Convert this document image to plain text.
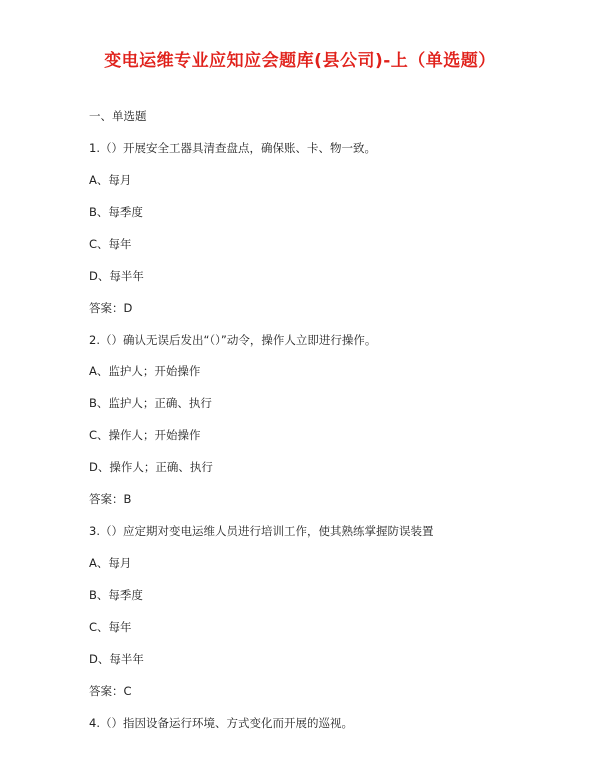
变电运维专业应知应会题库(县公司)-上（单选题）
一、单选题
1.（）开展安全工器具清查盘点，确保账、卡、物一致。
A、每月
B、每季度
C、每年
D、每半年
答案：D
2.（）确认无误后发出“（）”动令，操作人立即进行操作。
A、监护人；开始操作
B、监护人；正确、执行
C、操作人；开始操作
D、操作人；正确、执行
答案：B
3.（）应定期对变电运维人员进行培训工作，使其熟练掌握防误装置
A、每月
B、每季度
C、每年
D、每半年
答案：C
4.（）指因设备运行环境、方式变化而开展的巡视。
